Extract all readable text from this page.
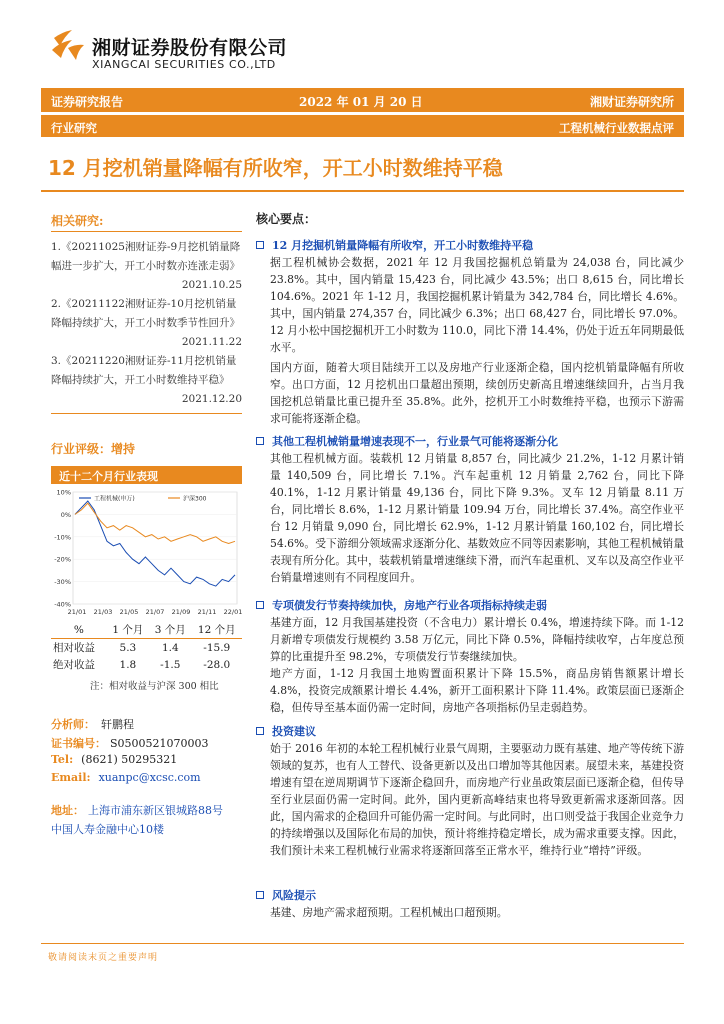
湘财证券股份有限公司
XIANGCAI SECURITIES CO.,LTD
证券研究报告	2022 年 01 月 20 日	湘财证券研究所
行业研究	工程机械行业数据点评
12 月挖机销量降幅有所收窄，开工小时数维持平稳
相关研究:
1.《20211025湘财证券-9月挖机销量降幅进一步扩大，开工小时数亦连涨走弱》
2021.10.25
2.《20211122湘财证券-10月挖机销量降幅持续扩大，开工小时数季节性回升》
2021.11.22
3.《20211220湘财证券-11月挖机销量降幅持续扩大，开工小时数维持平稳》
2021.12.20
行业评级：增持
近十二个月行业表现
10%
0%
-10%
-20%
-30%
-40%
21/01 21/03 21/05 21/07 21/09 21/11 22/01
工程机械(申万)	沪深300
%	1 个月	3 个月	12 个月
相对收益	5.3	1.4	-15.9
绝对收益	1.8	-1.5	-28.0
注：相对收益与沪深 300 相比
分析师： 轩鹏程
证书编号： S0500521070003
Tel: (8621) 50295321
Email: xuanpc@xcsc.com
地址： 上海市浦东新区银城路88号
中国人寿金融中心10楼
核心要点：
12 月挖掘机销量降幅有所收窄，开工小时数维持平稳
据工程机械协会数据，2021 年 12 月我国挖掘机总销量为 24,038 台，同比减少 23.8%。其中，国内销量 15,423 台，同比减少 43.5%；出口 8,615 台，同比增长 104.6%。2021 年 1-12 月，我国挖掘机累计销量为 342,784 台，同比增长 4.6%。其中，国内销量 274,357 台，同比减少 6.3%；出口 68,427 台，同比增长 97.0%。12 月小松中国挖掘机开工小时数为 110.0，同比下滑 14.4%，仍处于近五年同期最低水平。
国内方面，随着大项目陆续开工以及房地产行业逐渐企稳，国内挖机销量降幅有所收窄。出口方面，12 月挖机出口量超出预期，续创历史新高且增速继续回升，占当月我国挖机总销量比重已提升至 35.8%。此外，挖机开工小时数维持平稳，也预示下游需求可能将逐渐企稳。
其他工程机械销量增速表现不一，行业景气可能将逐渐分化
其他工程机械方面。装载机 12 月销量 8,857 台，同比减少 21.2%，1-12 月累计销量 140,509 台，同比增长 7.1%。汽车起重机 12 月销量 2,762 台，同比下降 40.1%，1-12 月累计销量 49,136 台，同比下降 9.3%。叉车 12 月销量 8.11 万台，同比增长 8.6%，1-12 月累计销量 109.94 万台，同比增长 37.4%。高空作业平台 12 月销量 9,090 台，同比增长 62.9%，1-12 月累计销量 160,102 台，同比增长 54.6%。受下游细分领域需求逐渐分化、基数效应不同等因素影响，其他工程机械销量表现有所分化。其中，装载机销量增速继续下滑，而汽车起重机、叉车以及高空作业平台销量增速则有不同程度回升。
专项债发行节奏持续加快，房地产行业各项指标持续走弱
基建方面，12 月我国基建投资（不含电力）累计增长 0.4%，增速持续下降。而 1-12 月新增专项债发行规模约 3.58 万亿元，同比下降 0.5%，降幅持续收窄，占年度总预算的比重提升至 98.2%，专项债发行节奏继续加快。
地产方面，1-12 月我国土地购置面积累计下降 15.5%，商品房销售额累计增长 4.8%，投资完成额累计增长 4.4%，新开工面积累计下降 11.4%。政策层面已逐渐企稳，但传导至基本面仍需一定时间，房地产各项指标仍呈走弱趋势。
投资建议
始于 2016 年初的本轮工程机械行业景气周期，主要驱动力既有基建、地产等传统下游领域的复苏，也有人工替代、设备更新以及出口增加等其他因素。展望未来，基建投资增速有望在逆周期调节下逐渐企稳回升，而房地产行业虽政策层面已逐渐企稳，但传导至行业层面仍需一定时间。此外，国内更新高峰结束也将导致更新需求逐渐回落。因此，国内需求的企稳回升可能仍需一定时间。与此同时，出口则受益于我国企业竞争力的持续增强以及国际化布局的加快，预计将维持稳定增长，成为需求重要支撑。因此，我们预计未来工程机械行业需求将逐渐回落至正常水平，维持行业“增持”评级。
风险提示
基建、房地产需求超预期。工程机械出口超预期。
敬请阅读末页之重要声明
